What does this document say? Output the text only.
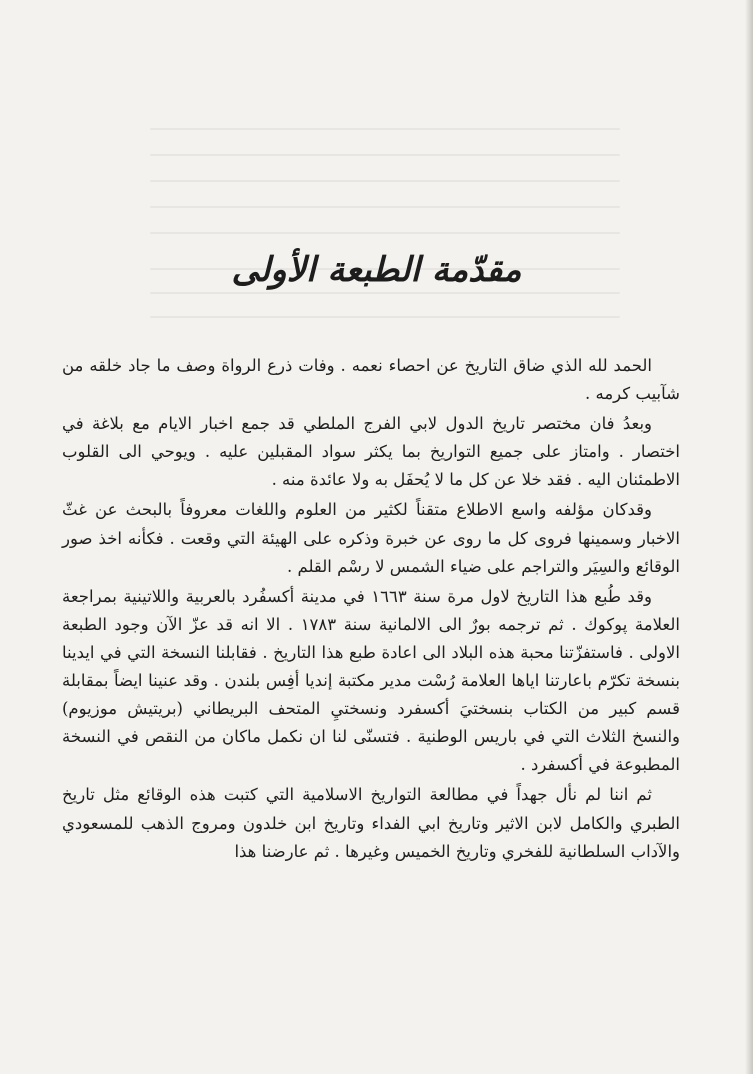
مقدّمة الطبعة الأولى

الحمد لله الذي ضاق التاريخ عن احصاء نعمه . وفات ذرع الرواة وصف ما جاد خلقه من شآبيب كرمه .

وبعدُ فان مختصر تاريخ الدول لابي الفرج الملطي قد جمع اخبار الايام مع بلاغة في اختصار . وامتاز على جميع التواريخ بما يكثر سواد المقبلين عليه . ويوحي الى القلوب الاطمئنان اليه . فقد خلا عن كل ما لا يُحفَل به ولا عائدة منه .

وقدكان مؤلفه واسع الاطلاع متقناً لكثير من العلوم واللغات معروفاً بالبحث عن غثّ الاخبار وسمينها فروى كل ما روى عن خبرة وذكره على الهيئة التي وقعت . فكأنه اخذ صور الوقائع والسِيَر والتراجم على ضياء الشمس لا رسْم القلم .

وقد طُبع هذا التاريخ لاول مرة سنة ١٦٦٣ في مدينة أكسفُرد بالعربية واللاتينية بمراجعة العلامة پوكوك . ثم ترجمه بورٌ الى الالمانية سنة ١٧٨٣ . الا انه قد عزّ الآن وجود الطبعة الاولى . فاستفزّتنا محبة هذه البلاد الى اعادة طبع هذا التاريخ . فقابلنا النسخة التي في ايدينا بنسخة تكرّم باعارتنا اياها العلامة رُسْت مدير مكتبة إنديا أفِس بلندن . وقد عنينا ايضاً بمقابلة قسم كبير من الكتاب بنسختيَ أكسفرد ونسختيِ المتحف البريطاني (بريتيش موزيوم) والنسخ الثلاث التي في باريس الوطنية . فتسنّى لنا ان نكمل ماكان من النقص في النسخة المطبوعة في أكسفرد .

ثم اننا لم نأل جهداً في مطالعة التواريخ الاسلامية التي كتبت هذه الوقائع مثل تاريخ الطبري والكامل لابن الاثير وتاريخ ابي الفداء وتاريخ ابن خلدون ومروج الذهب للمسعودي والآداب السلطانية للفخري وتاريخ الخميس وغيرها . ثم عارضنا هذا
